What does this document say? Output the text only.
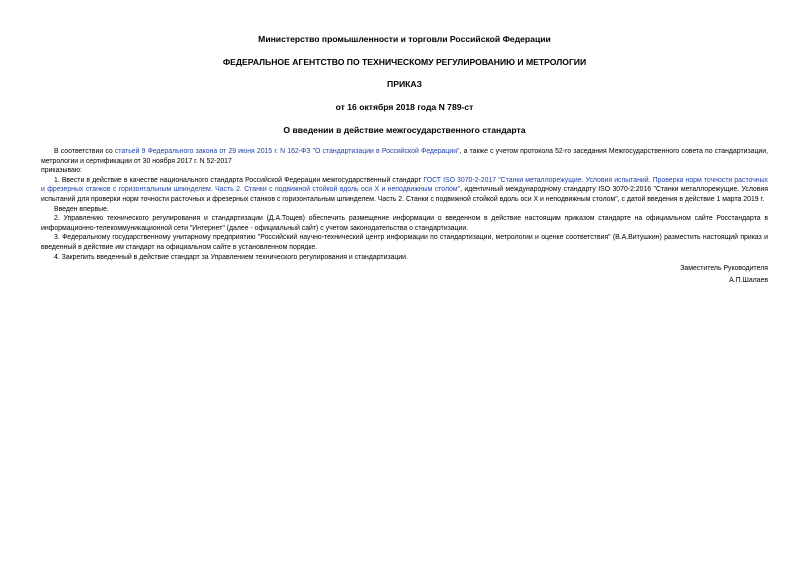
Министерство промышленности и торговли Российской Федерации

ФЕДЕРАЛЬНОЕ АГЕНТСТВО ПО ТЕХНИЧЕСКОМУ РЕГУЛИРОВАНИЮ И МЕТРОЛОГИИ

ПРИКАЗ

от 16 октября 2018 года N 789-ст

О введении в действие межгосударственного стандарта

В соответствии со статьей 9 Федерального закона от 29 июня 2015 г. N 162-ФЗ "О стандартизации в Российской Федерации", а также с учетом протокола 52-го заседания Межгосударственного совета по стандартизации, метрологии и сертификации от 30 ноября 2017 г. N 52-2017

приказываю:

1. Ввести в действие в качестве национального стандарта Российской Федерации межгосударственный стандарт ГОСТ ISO 3070-2-2017 "Станки металлорежущие. Условия испытаний. Проверка норм точности расточных и фрезерных станков с горизонтальным шпинделем. Часть 2. Станки с подвижной стойкой вдоль оси X и неподвижным столом", идентичный международному стандарту ISO 3070-2:2016 "Станки металлорежущие. Условия испытаний для проверки норм точности расточных и фрезерных станков с горизонтальным шпинделем. Часть 2. Станки с подвижной стойкой вдоль оси X и неподвижным столом", с датой введения в действие 1 марта 2019 г.

Введен впервые.

2. Управлению технического регулирования и стандартизации (Д.А.Тощев) обеспечить размещение информации о введенном в действие настоящим приказом стандарте на официальном сайте Росстандарта в информационно-телекоммуникационной сети "Интернет" (далее - официальный сайт) с учетом законодательства о стандартизации.

3. Федеральному государственному унитарному предприятию "Российский научно-технический центр информации по стандартизации, метрологии и оценке соответствия" (В.А.Витушкин) разместить настоящий приказ и введенный в действие им стандарт на официальном сайте в установленном порядке.

4. Закрепить введенный в действие стандарт за Управлением технического регулирования и стандартизации.

Заместитель Руководителя
А.П.Шалаев
